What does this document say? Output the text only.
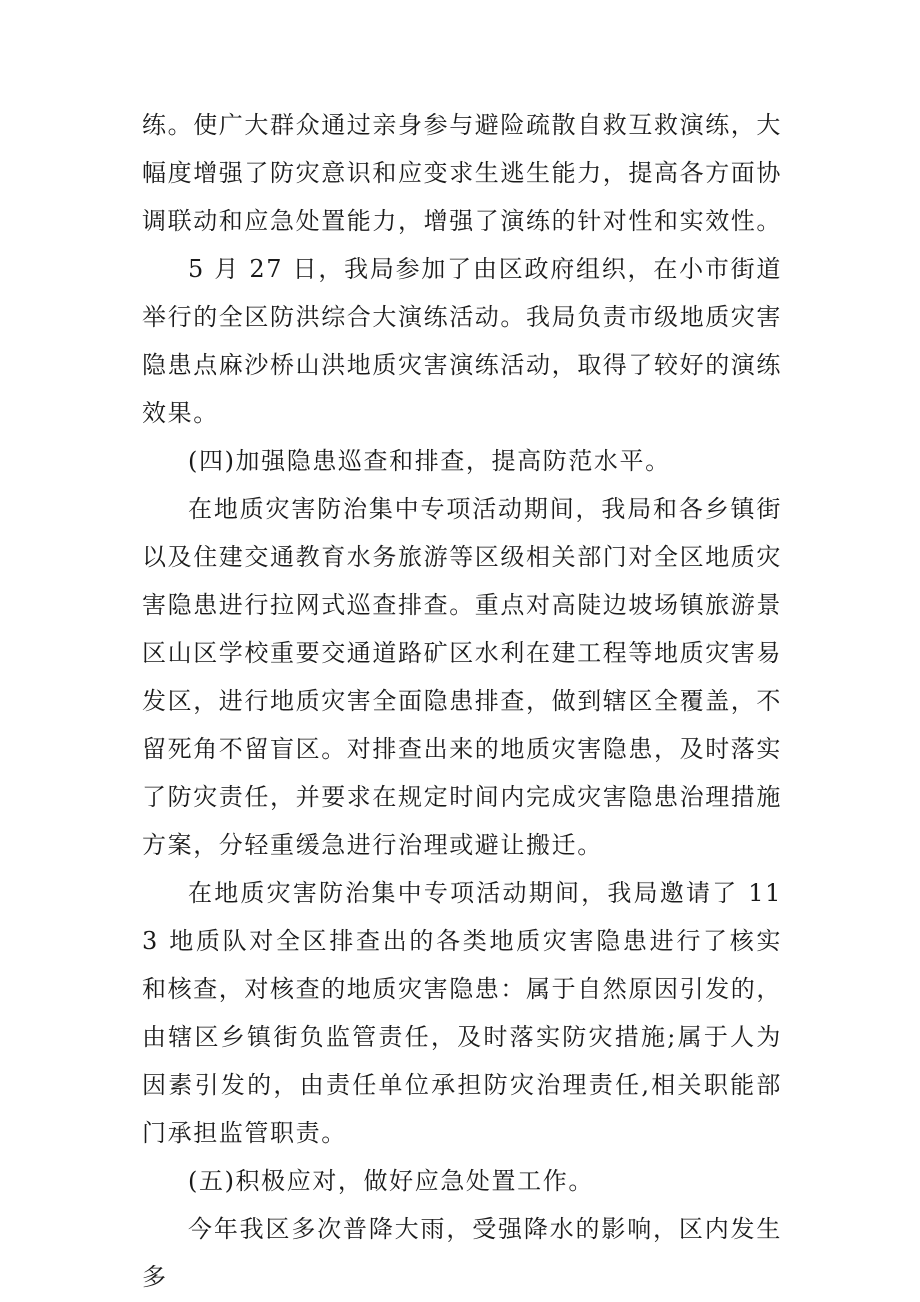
练。使广大群众通过亲身参与避险疏散自救互救演练，大幅度增强了防灾意识和应变求生逃生能力，提高各方面协调联动和应急处置能力，增强了演练的针对性和实效性。

5 月 27 日，我局参加了由区政府组织，在小市街道举行的全区防洪综合大演练活动。我局负责市级地质灾害隐患点麻沙桥山洪地质灾害演练活动，取得了较好的演练效果。

(四)加强隐患巡查和排查，提高防范水平。

在地质灾害防治集中专项活动期间，我局和各乡镇街以及住建交通教育水务旅游等区级相关部门对全区地质灾害隐患进行拉网式巡查排查。重点对高陡边坡场镇旅游景区山区学校重要交通道路矿区水利在建工程等地质灾害易发区，进行地质灾害全面隐患排查，做到辖区全覆盖，不留死角不留盲区。对排查出来的地质灾害隐患，及时落实了防灾责任，并要求在规定时间内完成灾害隐患治理措施方案，分轻重缓急进行治理或避让搬迁。

在地质灾害防治集中专项活动期间，我局邀请了 113 地质队对全区排查出的各类地质灾害隐患进行了核实和核查，对核查的地质灾害隐患：属于自然原因引发的，由辖区乡镇街负监管责任，及时落实防灾措施;属于人为因素引发的，由责任单位承担防灾治理责任,相关职能部门承担监管职责。

(五)积极应对，做好应急处置工作。

今年我区多次普降大雨，受强降水的影响，区内发生多
